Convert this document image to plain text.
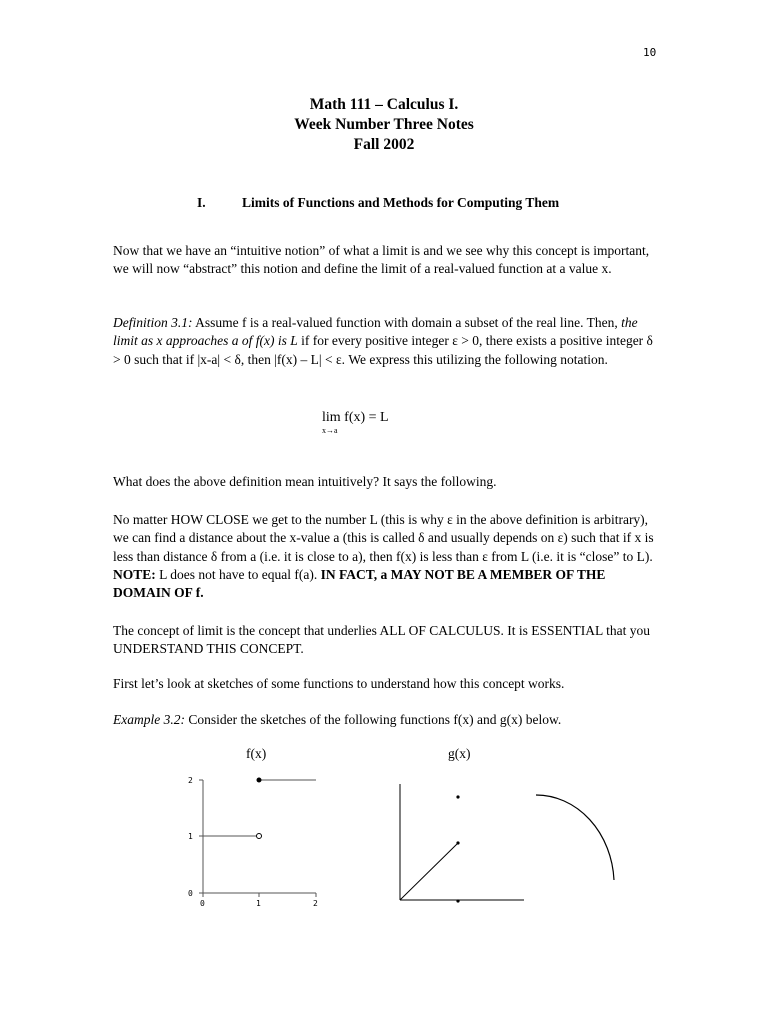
10
Math 111 – Calculus I.
Week Number Three Notes
Fall 2002
I.	Limits of Functions and Methods for Computing Them

Now that we have an “intuitive notion” of what a limit is and we see why this concept is important, we will now “abstract” this notion and define the limit of a real-valued function at a value x.

Definition 3.1: Assume f is a real-valued function with domain a subset of the real line. Then, the limit as x approaches a of f(x) is L if for every positive integer ε > 0, there exists a positive integer δ > 0 such that if |x-a| < δ, then |f(x) – L| < ε. We express this utilizing the following notation.

lim
x→a
f(x) = L

What does the above definition mean intuitively? It says the following.

No matter HOW CLOSE we get to the number L (this is why ε in the above definition is arbitrary), we can find a distance about the x-value a (this is called δ and usually depends on ε) such that if x is less than distance δ from a (i.e. it is close to a), then f(x) is less than ε from L (i.e. it is “close” to L). NOTE: L does not have to equal f(a). IN FACT, a MAY NOT BE A MEMBER OF THE DOMAIN OF f.

The concept of limit is the concept that underlies ALL OF CALCULUS. It is ESSENTIAL that you UNDERSTAND THIS CONCEPT.

First let’s look at sketches of some functions to understand how this concept works.

Example 3.2: Consider the sketches of the following functions f(x) and g(x) below.

f(x)	g(x)
2
1
0
0	1	2
